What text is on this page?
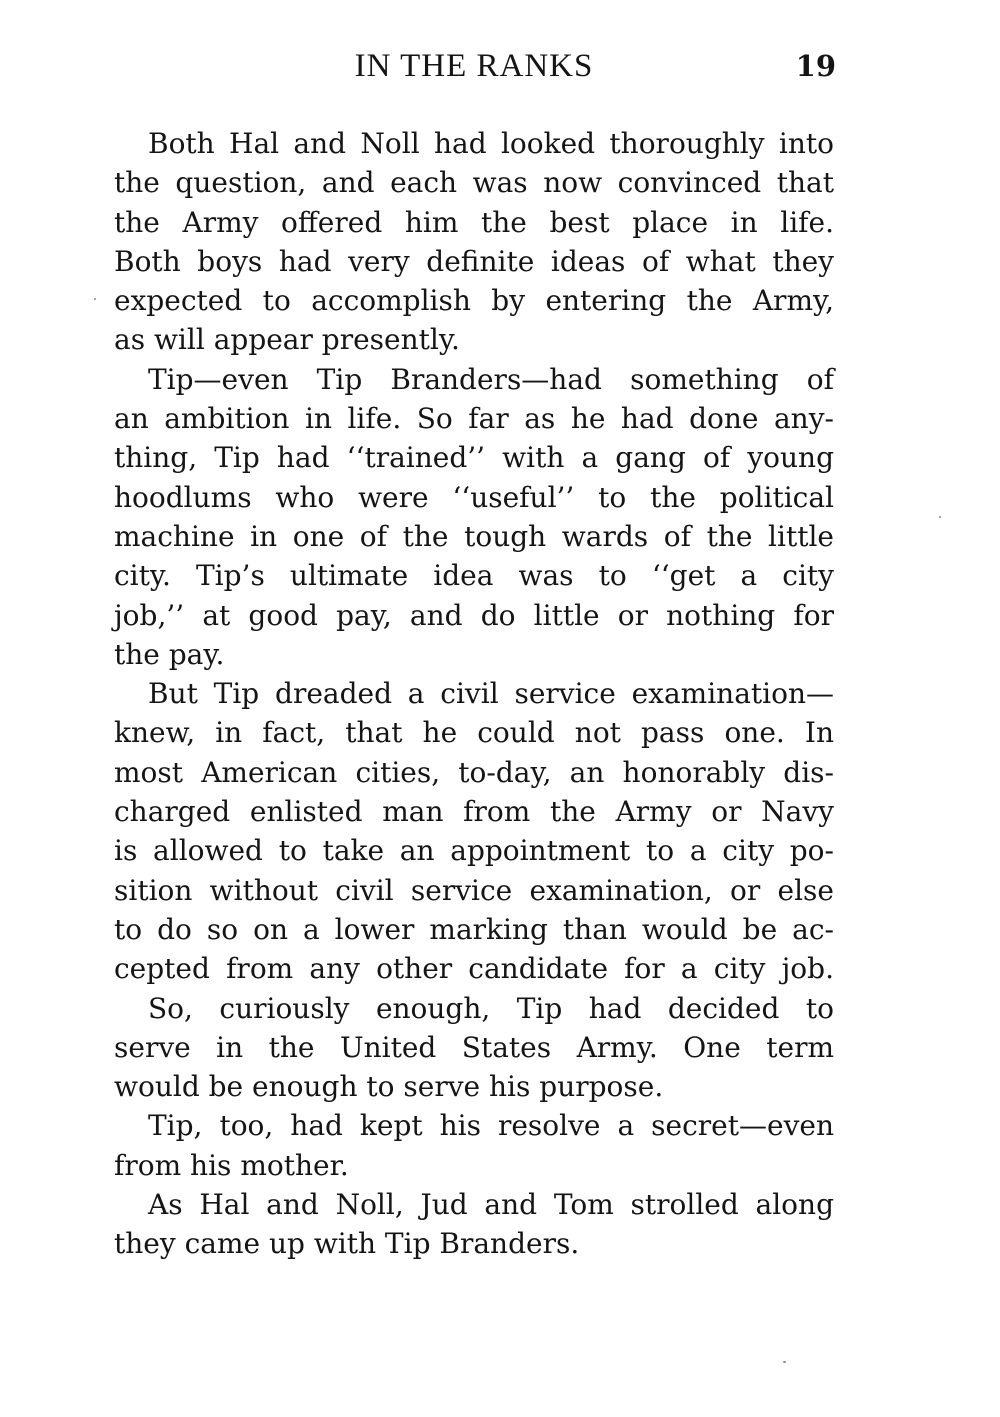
IN THE RANKS	19
Both Hal and Noll had looked thoroughly into
the question, and each was now convinced that
the Army offered him the best place in life.
Both boys had very definite ideas of what they
expected to accomplish by entering the Army,
as will appear presently.
Tip—even Tip Branders—had something of
an ambition in life. So far as he had done any-
thing, Tip had ‘‘trained’’ with a gang of young
hoodlums who were ‘‘useful’’ to the political
machine in one of the tough wards of the little
city. Tip’s ultimate idea was to ‘‘get a city
job,’’ at good pay, and do little or nothing for
the pay.
But Tip dreaded a civil service examination—
knew, in fact, that he could not pass one. In
most American cities, to-day, an honorably dis-
charged enlisted man from the Army or Navy
is allowed to take an appointment to a city po-
sition without civil service examination, or else
to do so on a lower marking than would be ac-
cepted from any other candidate for a city job.
So, curiously enough, Tip had decided to
serve in the United States Army. One term
would be enough to serve his purpose.
Tip, too, had kept his resolve a secret—even
from his mother.
As Hal and Noll, Jud and Tom strolled along
they came up with Tip Branders.
